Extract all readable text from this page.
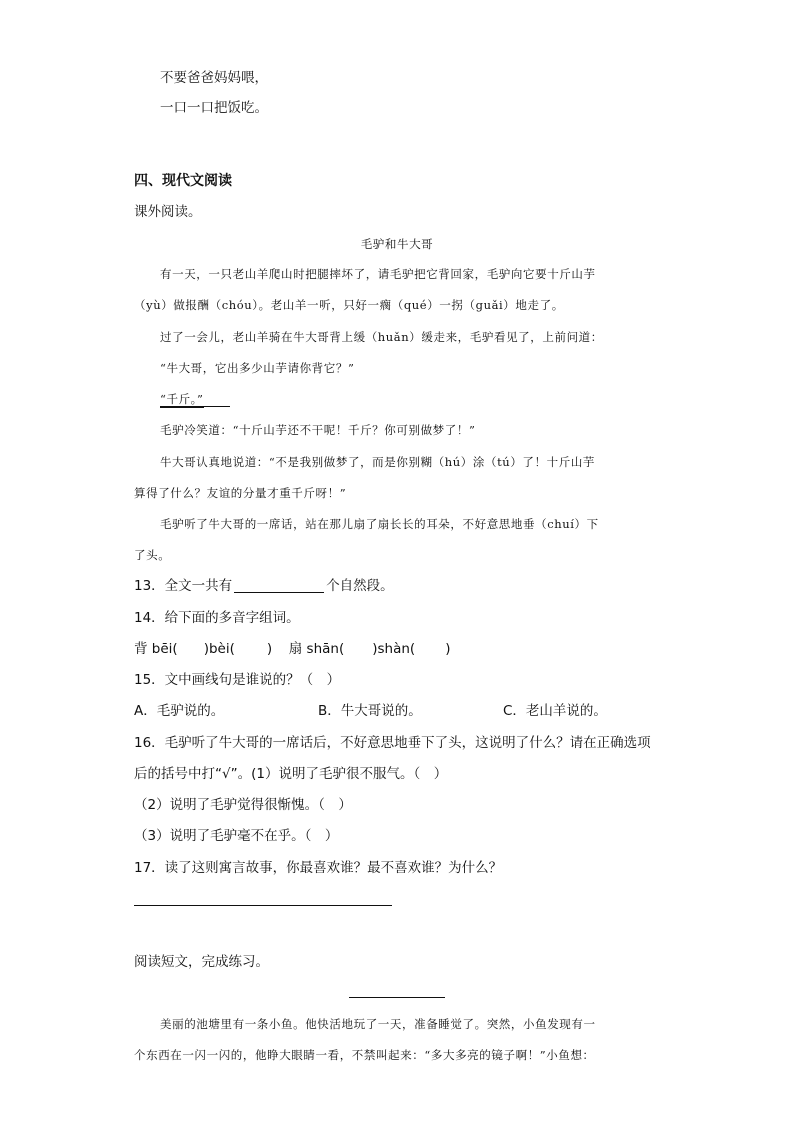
不要爸爸妈妈喂，
一口一口把饭吃。
四、现代文阅读
课外阅读。
毛驴和牛大哥
有一天，一只老山羊爬山时把腿摔坏了，请毛驴把它背回家，毛驴向它要十斤山芋
（yù）做报酬（chóu）。老山羊一听，只好一瘸（qué）一拐（guǎi）地走了。
过了一会儿，老山羊骑在牛大哥背上缓（huǎn）缓走来，毛驴看见了，上前问道：
“牛大哥，它出多少山芋请你背它？”
“千斤。”
毛驴冷笑道：“十斤山芋还不干呢！千斤？你可别做梦了！”
牛大哥认真地说道：“不是我别做梦了，而是你别糊（hú）涂（tú）了！十斤山芋
算得了什么？友谊的分量才重千斤呀！”
毛驴听了牛大哥的一席话，站在那儿扇了扇长长的耳朵，不好意思地垂（chuí）下
了头。
13．全文一共有	个自然段。
14．给下面的多音字组词。
背 bēi( )bèi( ) 扇 shān( )shàn( )
15．文中画线句是谁说的？（　）
A．毛驴说的。	B．牛大哥说的。	C．老山羊说的。
16．毛驴听了牛大哥的一席话后，不好意思地垂下了头，这说明了什么？请在正确选项
后的括号中打“√”。(1）说明了毛驴很不服气。（　）
（2）说明了毛驴觉得很惭愧。（　）
（3）说明了毛驴毫不在乎。（　）
17．读了这则寓言故事，你最喜欢谁？最不喜欢谁？为什么？
阅读短文，完成练习。
美丽的池塘里有一条小鱼。他快活地玩了一天，准备睡觉了。突然，小鱼发现有一
个东西在一闪一闪的，他睁大眼睛一看，不禁叫起来：“多大多亮的镜子啊！”小鱼想：
